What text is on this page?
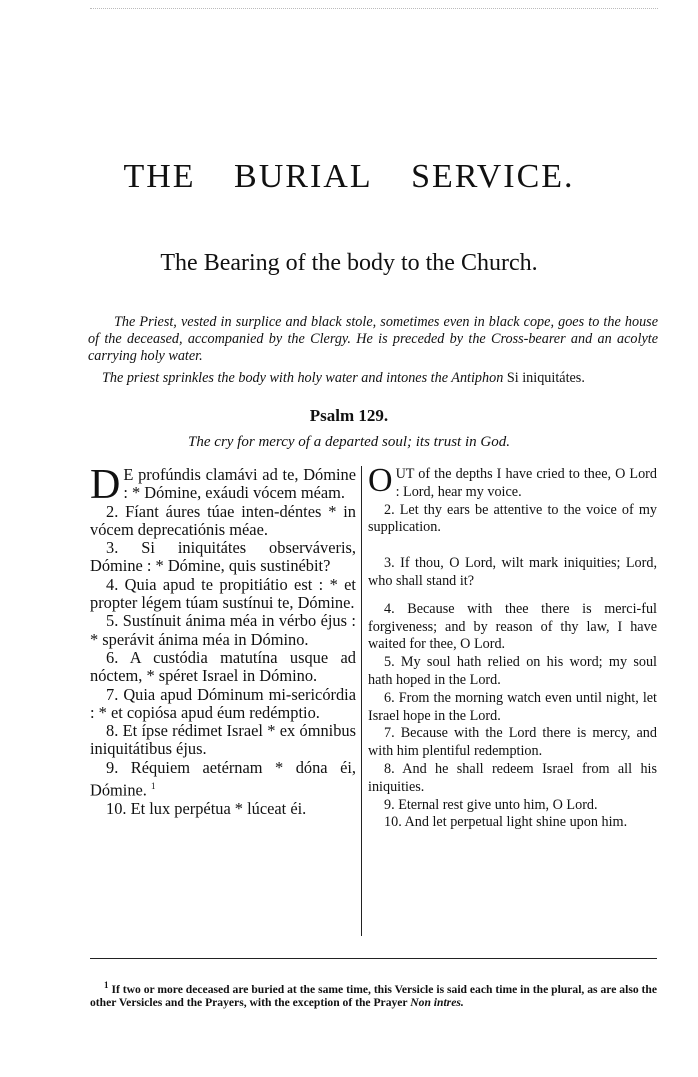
THE BURIAL SERVICE.
The Bearing of the body to the Church.

The Priest, vested in surplice and black stole, sometimes even in black cope, goes to the house of the deceased, accompanied by the Clergy. He is preceded by the Cross-bearer and an acolyte carrying holy water.

The priest sprinkles the body with holy water and intones the Antiphon Si iniquitátes.

Psalm 129.
The cry for mercy of a departed soul; its trust in God.

D E profúndis clamávi ad te, Dómine : * Dómine, exáudi vócem méam.

2. Fíant áures túae inten-déntes * in vócem deprecatiónis méae.

3. Si iniquitátes observáveris, Dómine : * Dómine, quis sustinébit?

4. Quia apud te propitiátio est : * et propter légem túam sustínui te, Dómine.

5. Sustínuit ánima méa in vérbo éjus : * sperávit ánima méa in Dómino.

6. A custódia matutína usque ad nóctem, * spéret Israel in Dómino.

7. Quia apud Dóminum mi-sericórdia : * et copiósa apud éum redémptio.

8. Et ípse rédimet Israel * ex ómnibus iniquitátibus éjus.

9. Réquiem aetérnam * dóna éi, Dómine. $^1$

10. Et lux perpétua * lúceat éi.

OUT of the depths I have cried to thee, O Lord : Lord, hear my voice.

2. Let thy ears be attentive to the voice of my supplication.

3. If thou, O Lord, wilt mark iniquities; Lord, who shall stand it?

4. Because with thee there is merci-ful forgiveness; and by reason of thy law, I have waited for thee, O Lord.

5. My soul hath relied on his word; my soul hath hoped in the Lord.

6. From the morning watch even until night, let Israel hope in the Lord.

7. Because with the Lord there is mercy, and with him plentiful redemption.

8. And he shall redeem Israel from all his iniquities.

9. Eternal rest give unto him, O Lord.

10. And let perpetual light shine upon him.

$^1$ If two or more deceased are buried at the same time, this Versicle is said each time in the plural, as are also the other Versicles and the Prayers, with the exception of the Prayer Non intres.
